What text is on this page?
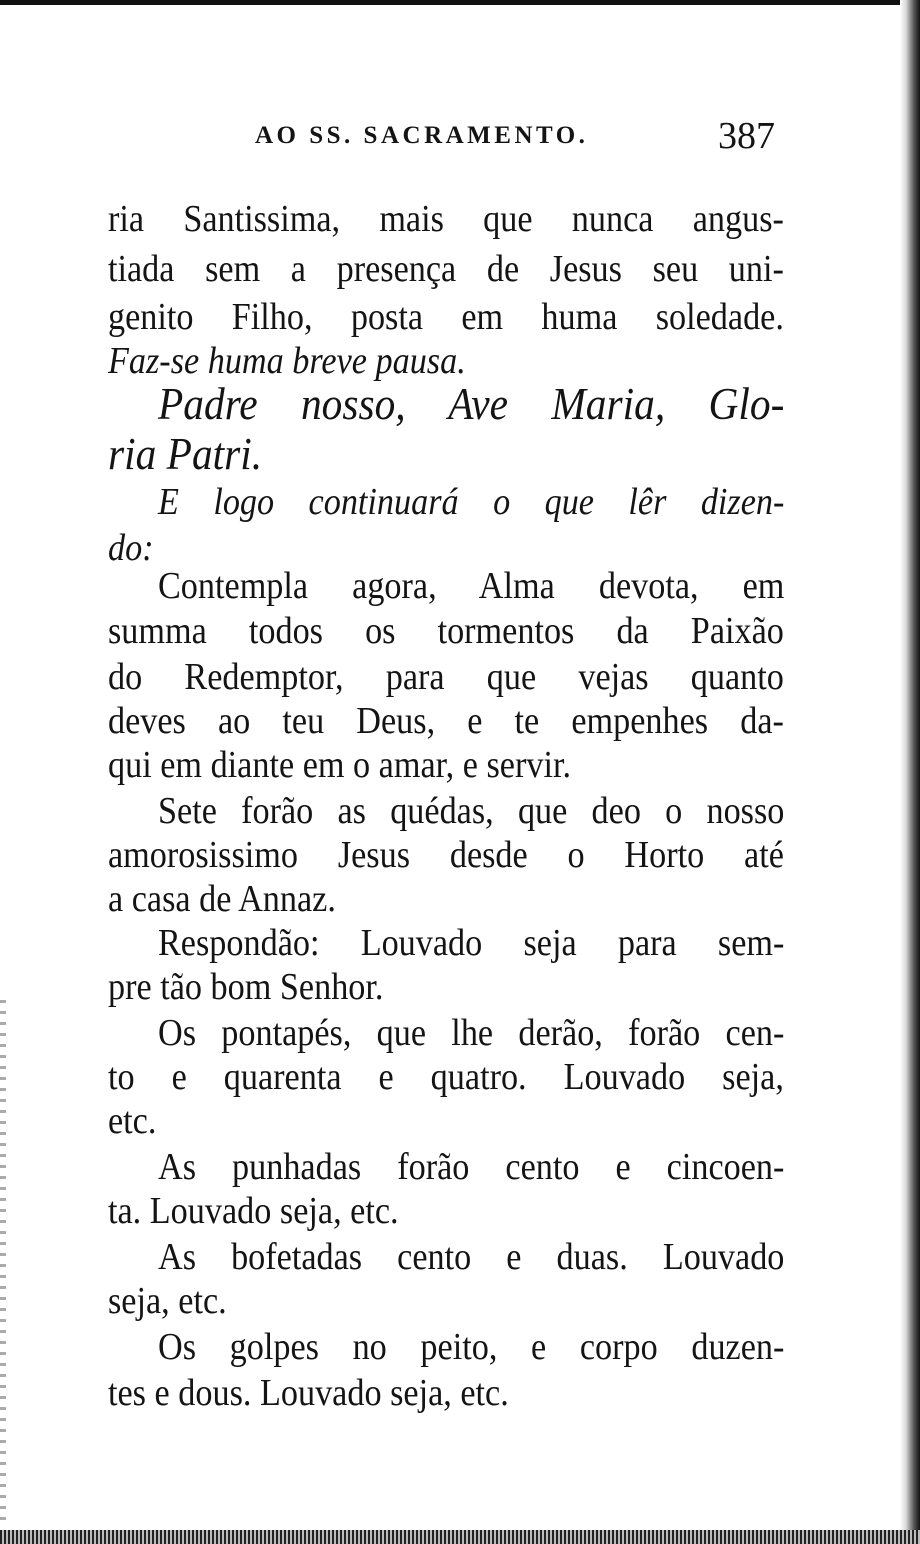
AO SS. SACRAMENTO.	387
ria Santissima, mais que nunca angus-
tiada sem a presença de Jesus seu uni-
genito Filho, posta em huma soledade.
Faz-se huma breve pausa.
Padre nosso, Ave Maria, Glo-
ria Patri.
E logo continuará o que lêr dizen-
do:
Contempla agora, Alma devota, em
summa todos os tormentos da Paixão
do Redemptor, para que vejas quanto
deves ao teu Deus, e te empenhes da-
qui em diante em o amar, e servir.
Sete forão as quédas, que deo o nosso
amorosissimo Jesus desde o Horto até
a casa de Annaz.
Respondão: Louvado seja para sem-
pre tão bom Senhor.
Os pontapés, que lhe derão, forão cen-
to e quarenta e quatro. Louvado seja,
etc.
As punhadas forão cento e cincoen-
ta. Louvado seja, etc.
As bofetadas cento e duas. Louvado
seja, etc.
Os golpes no peito, e corpo duzen-
tes e dous. Louvado seja, etc.
